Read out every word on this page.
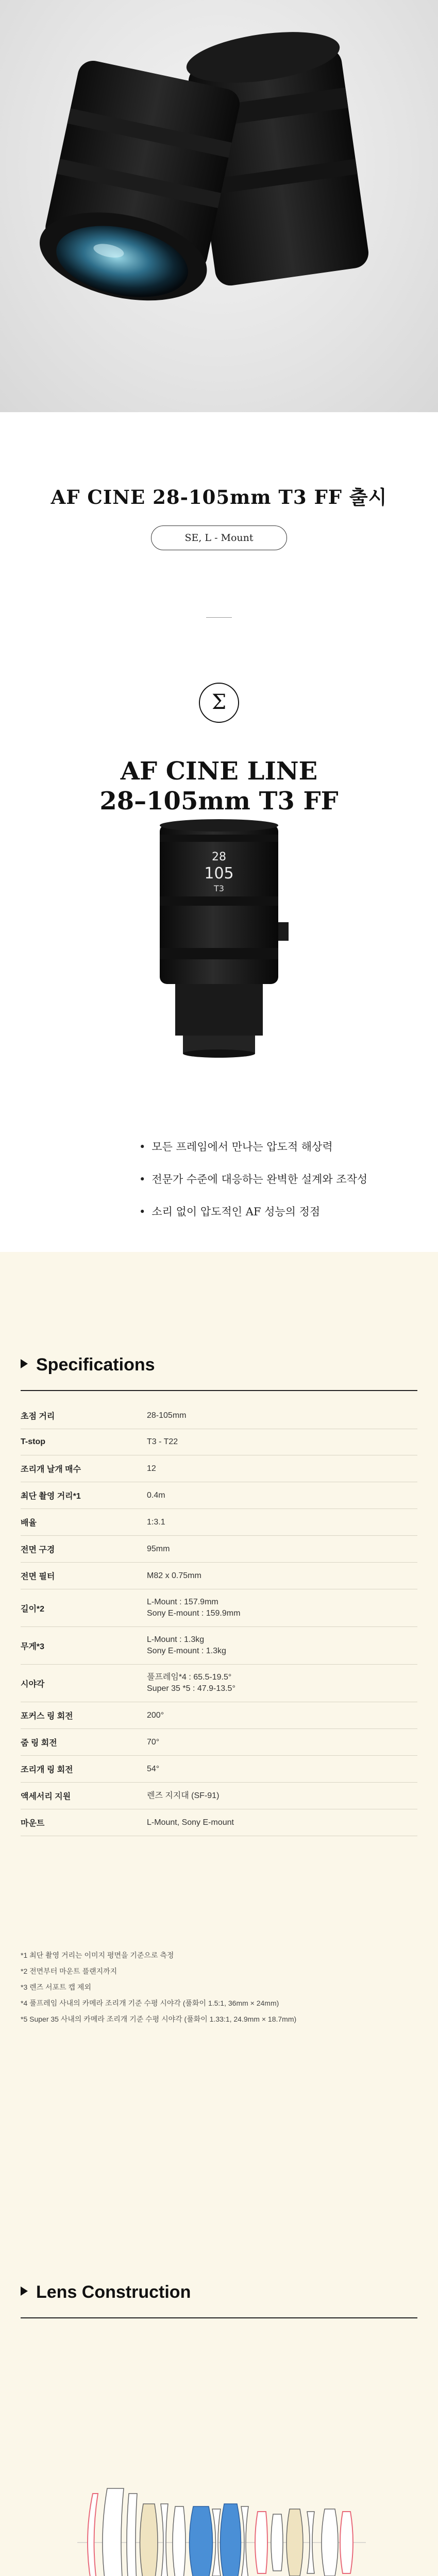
AF CINE 28-105mm T3 FF 출시
SE, L - Mount
Σ
AF CINE LINE
28–105mm T3 FF
28
105
T3
• 모든 프레임에서 만나는 압도적 해상력
• 전문가 수준에 대응하는 완벽한 설계와 조작성
• 소리 없이 압도적인 AF 성능의 정점
Specifications
초점 거리	28-105mm

T-stop	T3 - T22

조리개 날개 매수	12

최단 촬영 거리*1	0.4m

배율	1:3.1

전면 구경	95mm

전면 필터	M82 x 0.75mm

길이*2	L-Mount : 157.9mm
Sony E-mount : 159.9mm

무게*3	L-Mount : 1.3kg
Sony E-mount : 1.3kg

시야각	풀프레임*4 : 65.5-19.5°
Super 35 *5 : 47.9-13.5°

포커스 링 회전	200°

줌 링 회전	70°

조리개 링 회전	54°

액세서리 지원	렌즈 지지대 (SF-91)

마운트	L-Mount, Sony E-mount
*1 최단 촬영 거리는 이미지 평면을 기준으로 측정
*2 전면부터 마운트 플랜지까지
*3 렌즈 서포트 캡 제외
*4 풀프레임 사내의 카메라 조리개 기준 수평 시야각 (풀화이 1.5:1, 36mm × 24mm)
*5 Super 35 사내의 카메라 조리개 기준 수평 시야각 (풀화이 1.33:1, 24.9mm × 18.7mm)
Lens Construction
